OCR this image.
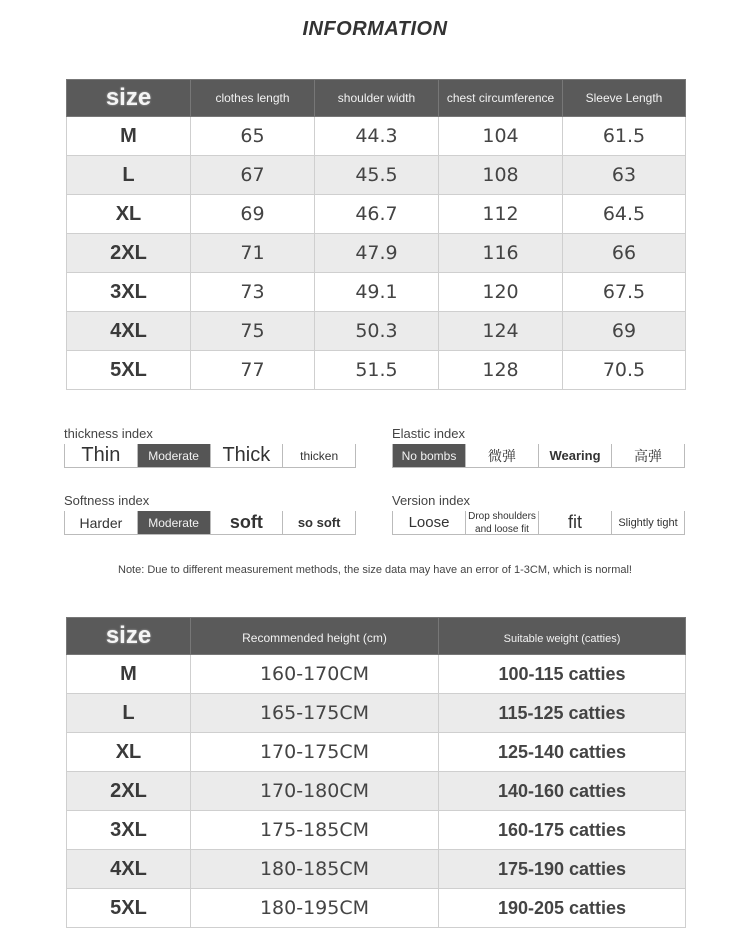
INFORMATION
size	clothes length	shoulder width	chest circumference	Sleeve Length

M	65	44.3	104	61.5
L	67	45.5	108	63
XL	69	46.7	112	64.5
2XL	71	47.9	116	66
3XL	73	49.1	120	67.5
4XL	75	50.3	124	69
5XL	77	51.5	128	70.5
thickness index
Thin	Moderate	Thick	thicken
Elastic index
No bombs	微弹	Wearing	高弹
Softness index
Harder	Moderate	soft	so soft
Version index
Loose	Drop shoulders and loose fit	fit	Slightly tight
Note: Due to different measurement methods, the size data may have an error of 1-3CM, which is normal!
size	Recommended height (cm)	Suitable weight (catties)
M	160-170CM	100-115 catties
L	165-175CM	115-125 catties
XL	170-175CM	125-140 catties
2XL	170-180CM	140-160 catties
3XL	175-185CM	160-175 catties
4XL	180-185CM	175-190 catties
5XL	180-195CM	190-205 catties
